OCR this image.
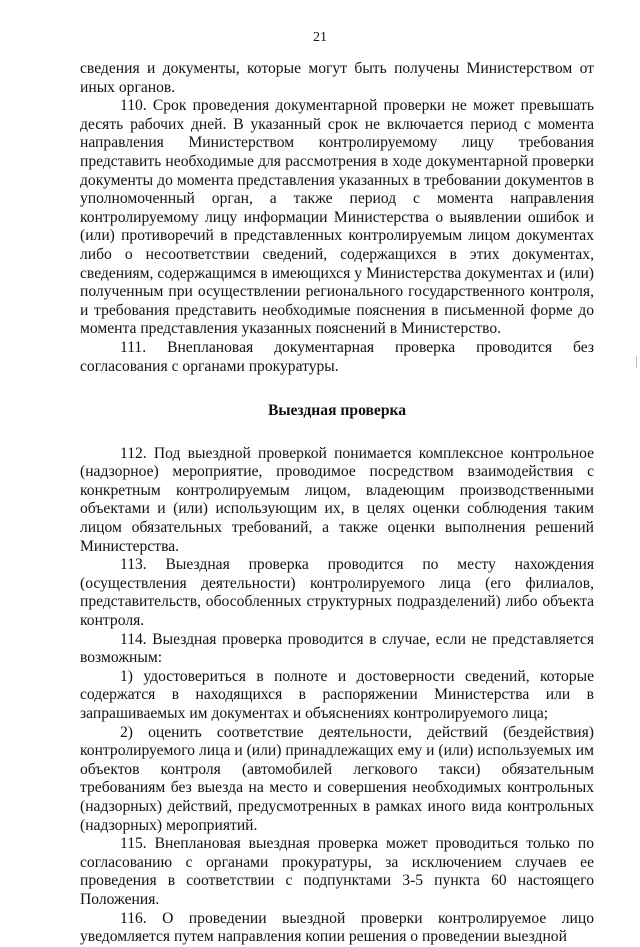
21

сведения и документы, которые могут быть получены Министерством от иных органов.

110. Срок проведения документарной проверки не может превышать десять рабочих дней. В указанный срок не включается период с момента направления Министерством контролируемому лицу требования представить необходимые для рассмотрения в ходе документарной проверки документы до момента представления указанных в требовании документов в уполномоченный орган, а также период с момента направления контролируемому лицу информации Министерства о выявлении ошибок и (или) противоречий в представленных контролируемым лицом документах либо о несоответствии сведений, содержащихся в этих документах, сведениям, содержащимся в имеющихся у Министерства документах и (или) полученным при осуществлении регионального государственного контроля, и требования представить необходимые пояснения в письменной форме до момента представления указанных пояснений в Министерство.

111. Внеплановая документарная проверка проводится без согласования с органами прокуратуры.

Выездная проверка

112. Под выездной проверкой понимается комплексное контрольное (надзорное) мероприятие, проводимое посредством взаимодействия с конкретным контролируемым лицом, владеющим производственными объектами и (или) использующим их, в целях оценки соблюдения таким лицом обязательных требований, а также оценки выполнения решений Министерства.

113. Выездная проверка проводится по месту нахождения (осуществления деятельности) контролируемого лица (его филиалов, представительств, обособленных структурных подразделений) либо объекта контроля.

114. Выездная проверка проводится в случае, если не представляется возможным:

1) удостовериться в полноте и достоверности сведений, которые содержатся в находящихся в распоряжении Министерства или в запрашиваемых им документах и объяснениях контролируемого лица;

2) оценить соответствие деятельности, действий (бездействия) контролируемого лица и (или) принадлежащих ему и (или) используемых им объектов контроля (автомобилей легкового такси) обязательным требованиям без выезда на место и совершения необходимых контрольных (надзорных) действий, предусмотренных в рамках иного вида контрольных (надзорных) мероприятий.

115. Внеплановая выездная проверка может проводиться только по согласованию с органами прокуратуры, за исключением случаев ее проведения в соответствии с подпунктами 3-5 пункта 60 настоящего Положения.

116. О проведении выездной проверки контролируемое лицо уведомляется путем направления копии решения о проведении выездной
